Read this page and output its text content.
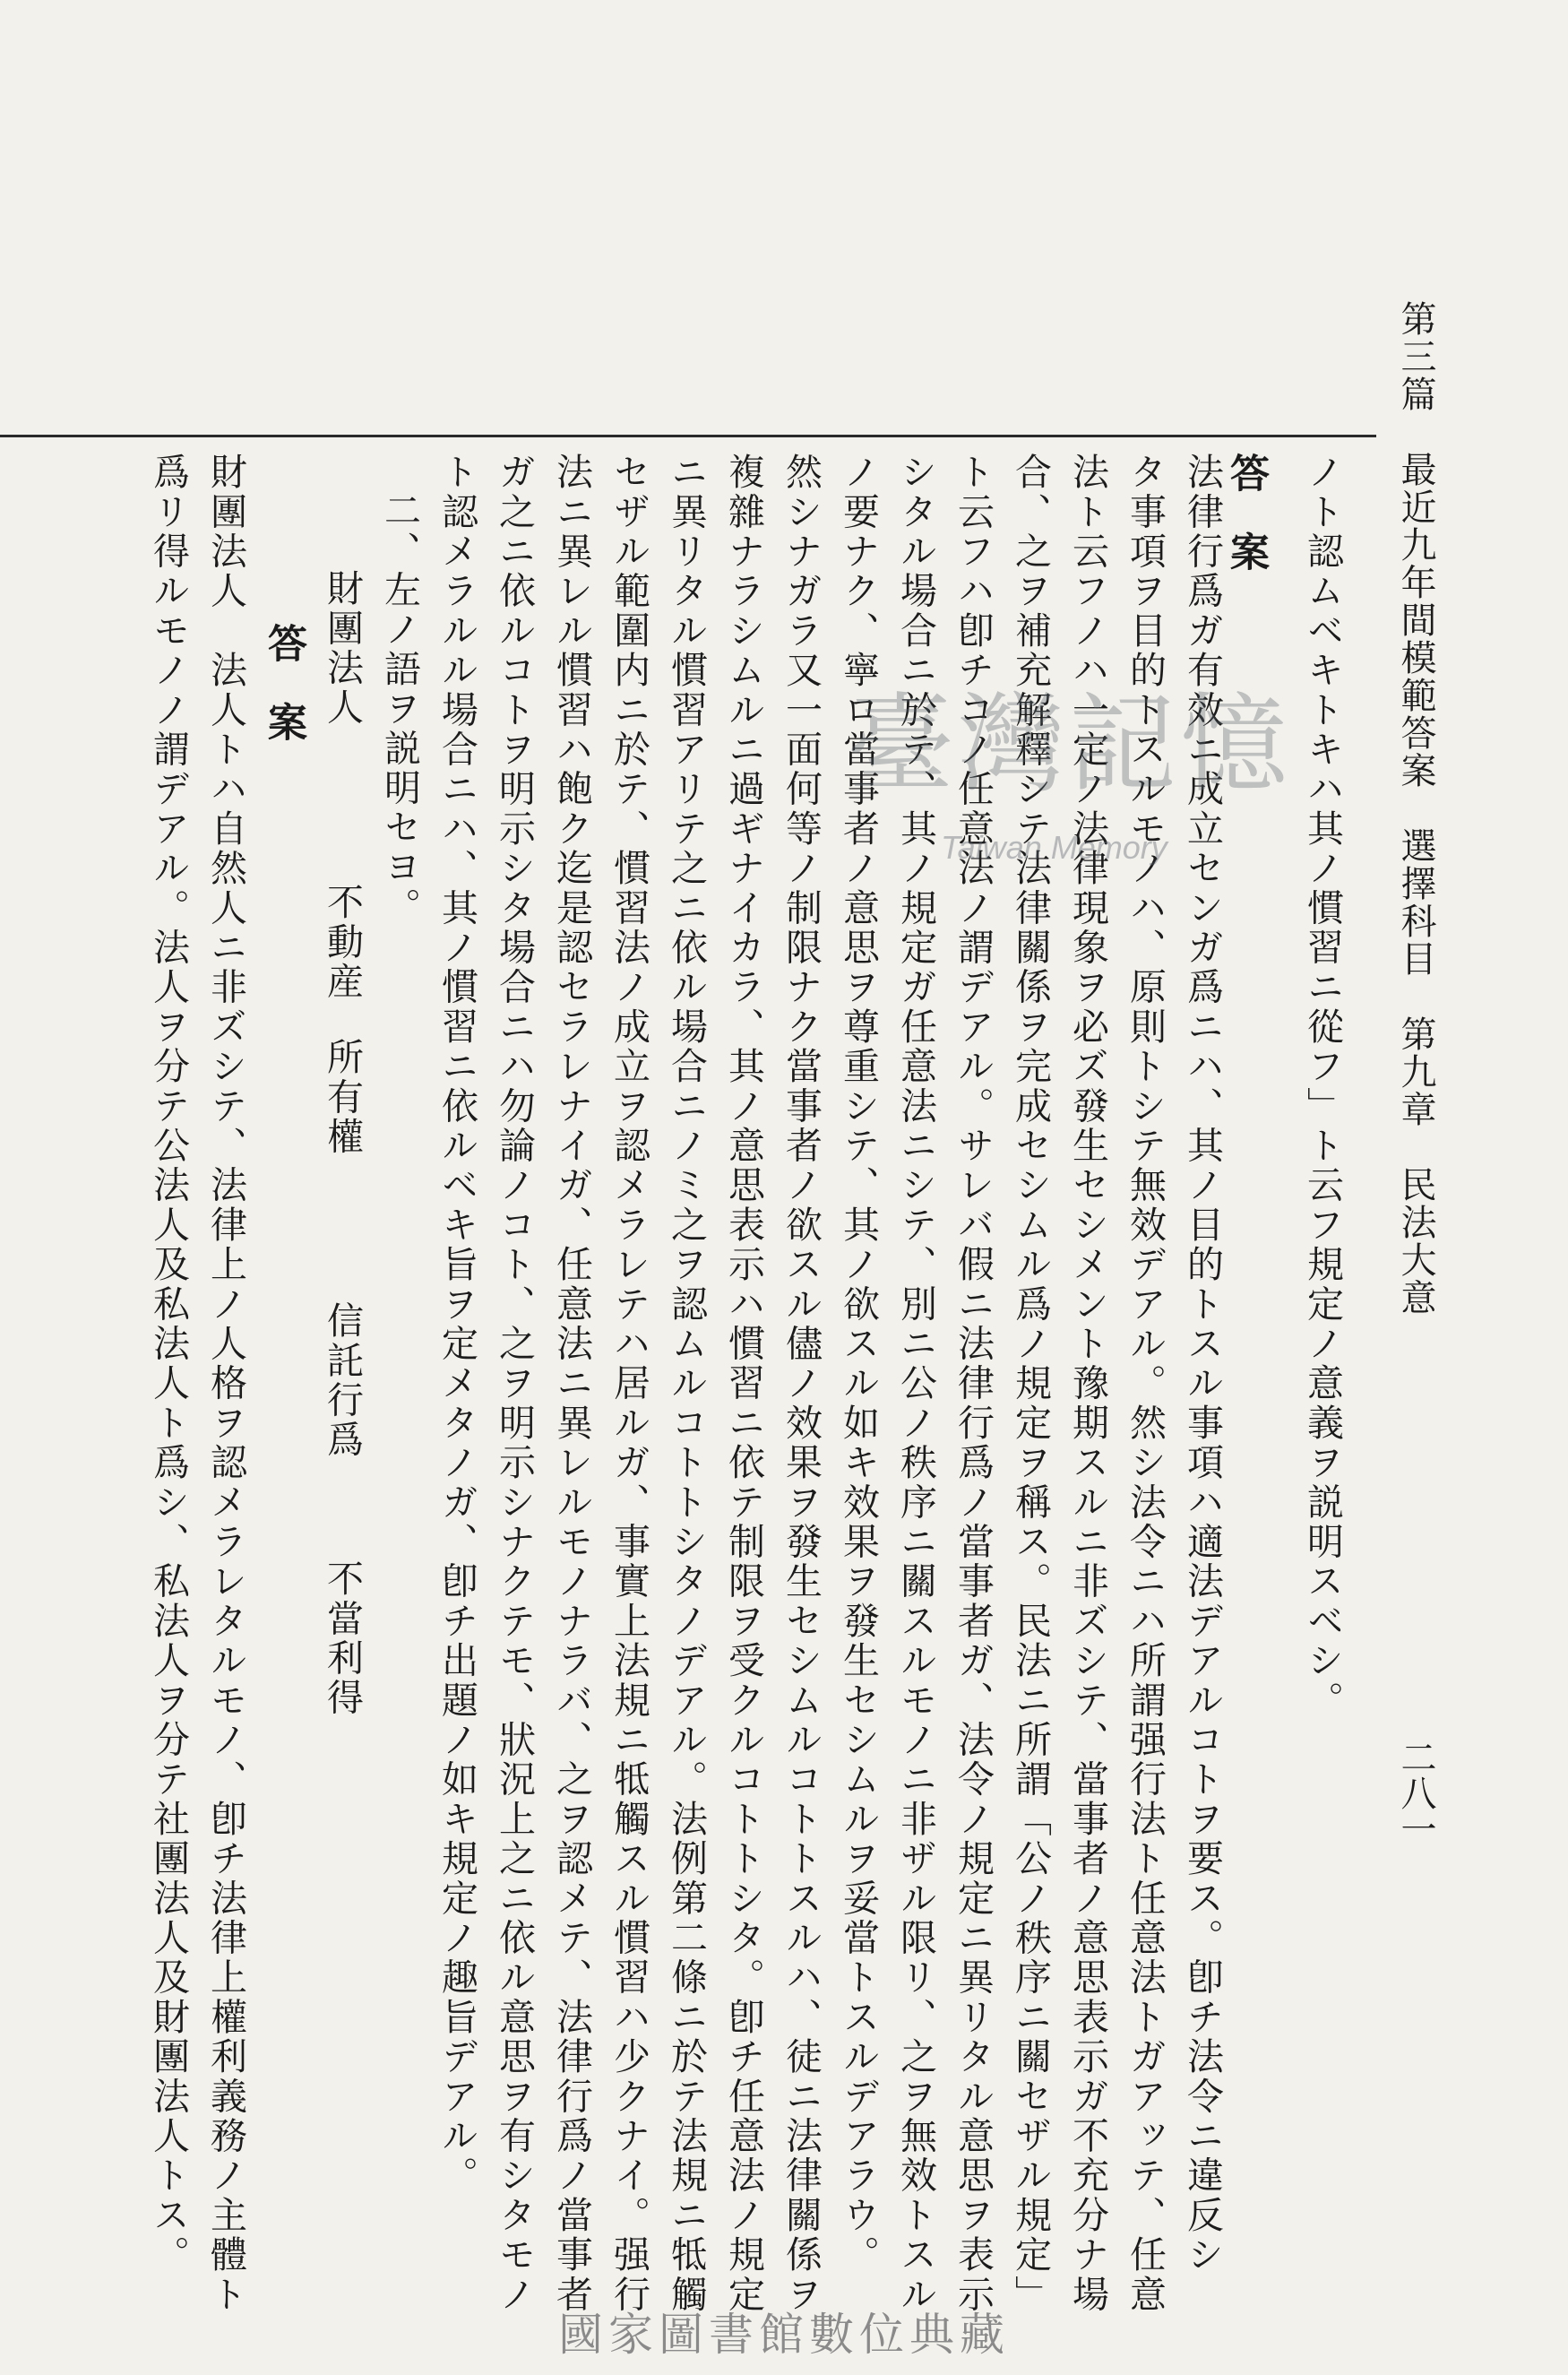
第三篇　最近九年間模範答案　選擇科目　第九章　民法大意
二八一
ノト認ムベキトキハ其ノ慣習ニ從フ」ト云フ規定ノ意義ヲ説明スベシ。
答　案
法律行爲ガ有效ニ成立センガ爲ニハ、其ノ目的トスル事項ハ適法デアルコトヲ要ス。卽チ法令ニ違反シ
タ事項ヲ目的トスルモノハ、原則トシテ無效デアル。然シ法令ニハ所謂强行法ト任意法トガアッテ、任意
法ト云フノハ一定ノ法律現象ヲ必ズ發生セシメント豫期スルニ非ズシテ、當事者ノ意思表示ガ不充分ナ場
合、之ヲ補充解釋シテ法律關係ヲ完成セシムル爲ノ規定ヲ稱ス。民法ニ所謂「公ノ秩序ニ關セザル規定」
ト云フハ卽チコノ任意法ノ謂デアル。サレバ假ニ法律行爲ノ當事者ガ、法令ノ規定ニ異リタル意思ヲ表示
シタル場合ニ於テ、其ノ規定ガ任意法ニシテ、別ニ公ノ秩序ニ關スルモノニ非ザル限リ、之ヲ無效トスル
ノ要ナク、寧ロ當事者ノ意思ヲ尊重シテ、其ノ欲スル如キ效果ヲ發生セシムルヲ妥當トスルデアラウ。
然シナガラ又一面何等ノ制限ナク當事者ノ欲スル儘ノ效果ヲ發生セシムルコトトスルハ、徒ニ法律關係ヲ
複雜ナラシムルニ過ギナイカラ、其ノ意思表示ハ慣習ニ依テ制限ヲ受クルコトトシタ。卽チ任意法ノ規定
ニ異リタル慣習アリテ之ニ依ル場合ニノミ之ヲ認ムルコトトシタノデアル。法例第二條ニ於テ法規ニ牴觸
セザル範圍内ニ於テ、慣習法ノ成立ヲ認メラレテハ居ルガ、事實上法規ニ牴觸スル慣習ハ少クナイ。强行
法ニ異レル慣習ハ飽ク迄是認セラレナイガ、任意法ニ異レルモノナラバ、之ヲ認メテ、法律行爲ノ當事者
ガ之ニ依ルコトヲ明示シタ場合ニハ勿論ノコト、之ヲ明示シナクテモ、狀況上之ニ依ル意思ヲ有シタモノ
ト認メラルル場合ニハ、其ノ慣習ニ依ルベキ旨ヲ定メタノガ、卽チ出題ノ如キ規定ノ趣旨デアル。
二、左ノ語ヲ説明セヨ。
財團法人
不動産
所有權
信託行爲
不當利得
答　案
財團法人　法人トハ自然人ニ非ズシテ、法律上ノ人格ヲ認メラレタルモノ、卽チ法律上權利義務ノ主體ト
爲リ得ルモノノ謂デアル。法人ヲ分テ公法人及私法人ト爲シ、私法人ヲ分テ社團法人及財團法人トス。	臺灣記憶
Taiwan Memory
國家圖書館數位典藏
